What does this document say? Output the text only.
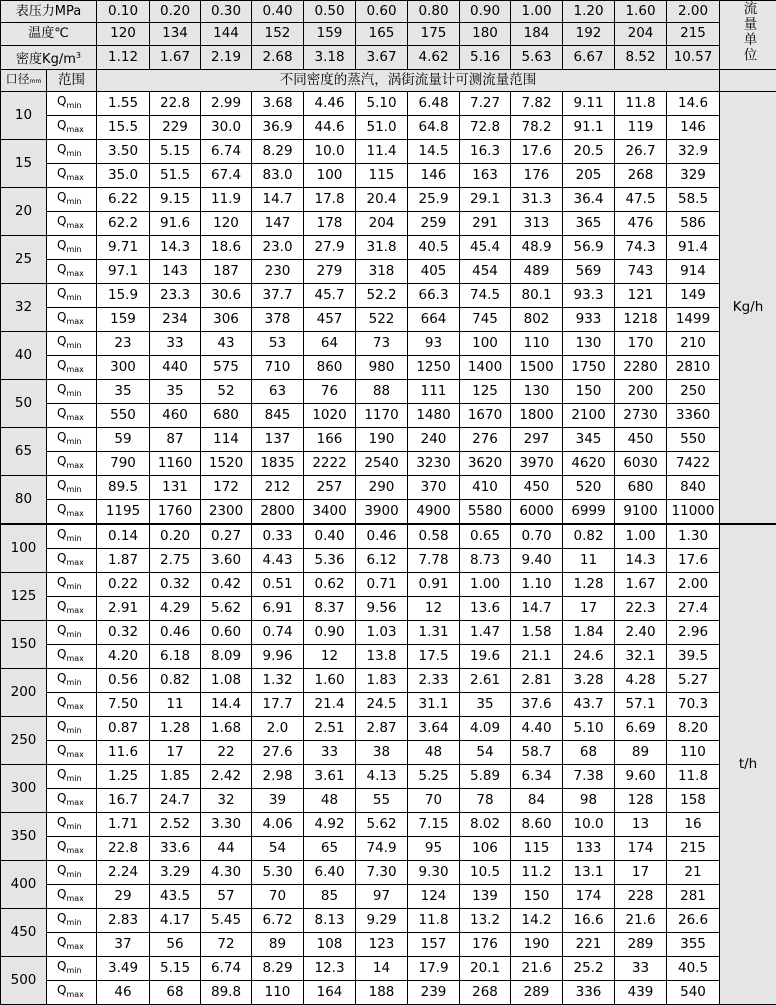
表压力MPa		0.10	0.20	0.30	0.40	0.50	0.60	0.80	0.90	1.00	1.20	1.60	2.00	流量单位
温度℃		120	134	144	152	159	165	175	180	184	192	204	215	
密度$Kg/m^3$		1.12	1.67	2.19	2.68	3.18	3.67	4.62	5.16	5.63	6.67	8.52	10.57	
口径mm	范围	不同密度的蒸汽，涡街流量计可测流量范围												
10	$Q_{min}$	1.55	22.8	2.99	3.68	4.46	5.10	6.48	7.27	7.82	9.11	11.8	14.6	Kg/h
	$Q_{max}$	15.5	229	30.0	36.9	44.6	51.0	64.8	72.8	78.2	91.1	119	146	
15	$Q_{min}$	3.50	5.15	6.74	8.29	10.0	11.4	14.5	16.3	17.6	20.5	26.7	32.9	
	$Q_{max}$	35.0	51.5	67.4	83.0	100	115	146	163	176	205	268	329	
20	$Q_{min}$	6.22	9.15	11.9	14.7	17.8	20.4	25.9	29.1	31.3	36.4	47.5	58.5	
	$Q_{max}$	62.2	91.6	120	147	178	204	259	291	313	365	476	586	
25	$Q_{min}$	9.71	14.3	18.6	23.0	27.9	31.8	40.5	45.4	48.9	56.9	74.3	91.4	
	$Q_{max}$	97.1	143	187	230	279	318	405	454	489	569	743	914	
32	$Q_{min}$	15.9	23.3	30.6	37.7	45.7	52.2	66.3	74.5	80.1	93.3	121	149	
	$Q_{max}$	159	234	306	378	457	522	664	745	802	933	1218	1499	
40	$Q_{min}$	23	33	43	53	64	73	93	100	110	130	170	210	
	$Q_{max}$	300	440	575	710	860	980	1250	1400	1500	1750	2280	2810	
50	$Q_{min}$	35	35	52	63	76	88	111	125	130	150	200	250	
	$Q_{max}$	550	460	680	845	1020	1170	1480	1670	1800	2100	2730	3360	
65	$Q_{min}$	59	87	114	137	166	190	240	276	297	345	450	550	
	$Q_{max}$	790	1160	1520	1835	2222	2540	3230	3620	3970	4620	6030	7422	
80	$Q_{min}$	89.5	131	172	212	257	290	370	410	450	520	680	840	
	$Q_{max}$	1195	1760	2300	2800	3400	3900	4900	5580	6000	6999	9100	11000	
100	$Q_{min}$	0.14	0.20	0.27	0.33	0.40	0.46	0.58	0.65	0.70	0.82	1.00	1.30	t/h
	$Q_{max}$	1.87	2.75	3.60	4.43	5.36	6.12	7.78	8.73	9.40	11	14.3	17.6	
125	$Q_{min}$	0.22	0.32	0.42	0.51	0.62	0.71	0.91	1.00	1.10	1.28	1.67	2.00	
	$Q_{max}$	2.91	4.29	5.62	6.91	8.37	9.56	12	13.6	14.7	17	22.3	27.4	
150	$Q_{min}$	0.32	0.46	0.60	0.74	0.90	1.03	1.31	1.47	1.58	1.84	2.40	2.96	
	$Q_{max}$	4.20	6.18	8.09	9.96	12	13.8	17.5	19.6	21.1	24.6	32.1	39.5	
200	$Q_{min}$	0.56	0.82	1.08	1.32	1.60	1.83	2.33	2.61	2.81	3.28	4.28	5.27	
	$Q_{max}$	7.50	11	14.4	17.7	21.4	24.5	31.1	35	37.6	43.7	57.1	70.3	
250	$Q_{min}$	0.87	1.28	1.68	2.0	2.51	2.87	3.64	4.09	4.40	5.10	6.69	8.20	
	$Q_{max}$	11.6	17	22	27.6	33	38	48	54	58.7	68	89	110	
300	$Q_{min}$	1.25	1.85	2.42	2.98	3.61	4.13	5.25	5.89	6.34	7.38	9.60	11.8	
	$Q_{max}$	16.7	24.7	32	39	48	55	70	78	84	98	128	158	
350	$Q_{min}$	1.71	2.52	3.30	4.06	4.92	5.62	7.15	8.02	8.60	10.0	13	16	
	$Q_{max}$	22.8	33.6	44	54	65	74.9	95	106	115	133	174	215	
400	$Q_{min}$	2.24	3.29	4.30	5.30	6.40	7.30	9.30	10.5	11.2	13.1	17	21	
	$Q_{max}$	29	43.5	57	70	85	97	124	139	150	174	228	281	
450	$Q_{min}$	2.83	4.17	5.45	6.72	8.13	9.29	11.8	13.2	14.2	16.6	21.6	26.6	
	$Q_{max}$	37	56	72	89	108	123	157	176	190	221	289	355	
500	$Q_{min}$	3.49	5.15	6.74	8.29	12.3	14	17.9	20.1	21.6	25.2	33	40.5	
	$Q_{max}$	46	68	89.8	110	164	188	239	268	289	336	439	540	
